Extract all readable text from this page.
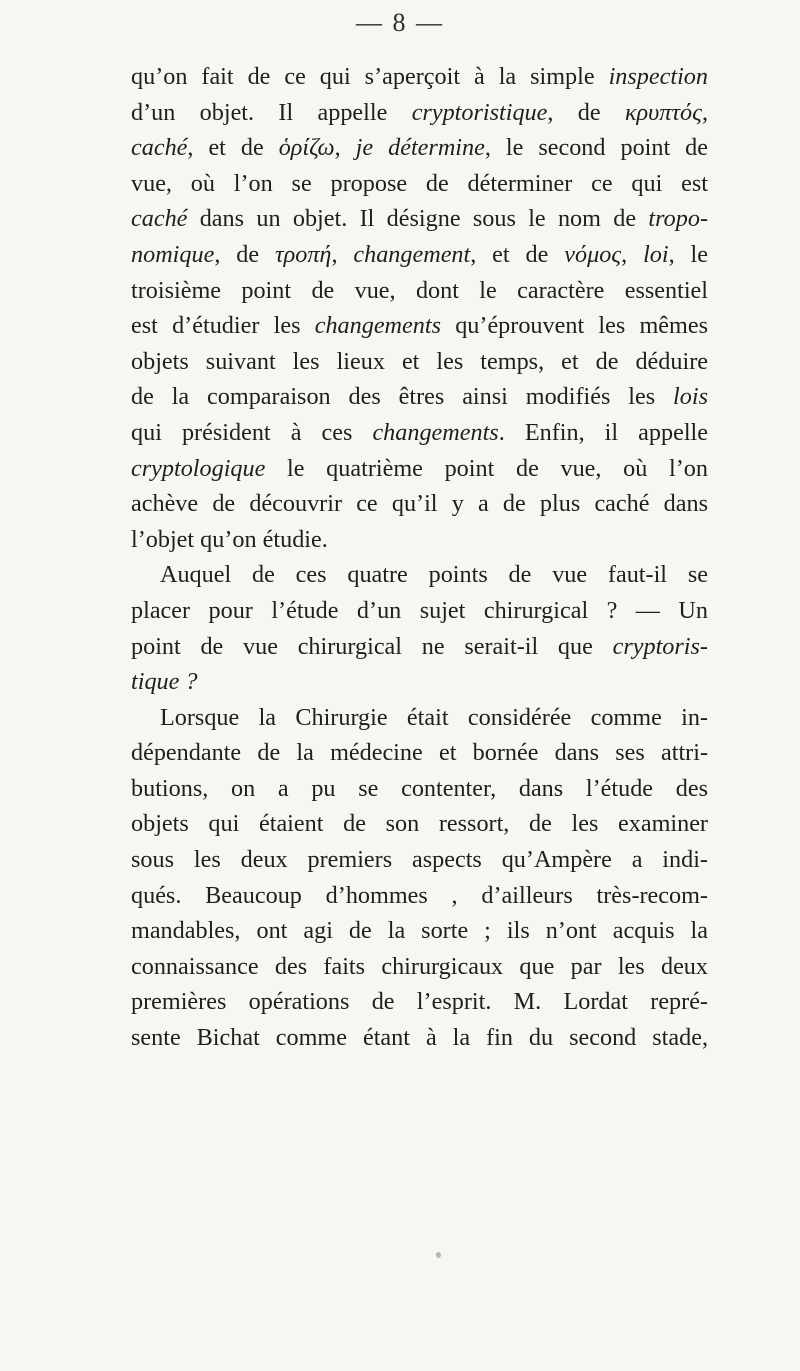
— 8 —
qu’on fait de ce qui s’aperçoit à la simple inspection
d’un objet. Il appelle cryptoristique, de κρυπτός,
caché, et de ὁρίζω, je détermine, le second point de
vue, où l’on se propose de déterminer ce qui est
caché dans un objet. Il désigne sous le nom de tropo-
nomique, de τροπή, changement, et de νόμος, loi, le
troisième point de vue, dont le caractère essentiel
est d’étudier les changements qu’éprouvent les mêmes
objets suivant les lieux et les temps, et de déduire
de la comparaison des êtres ainsi modifiés les lois
qui président à ces changements. Enfin, il appelle
cryptologique le quatrième point de vue, où l’on
achève de découvrir ce qu’il y a de plus caché dans
l’objet qu’on étudie.
Auquel de ces quatre points de vue faut-il se
placer pour l’étude d’un sujet chirurgical ? — Un
point de vue chirurgical ne serait-il que cryptoris-
tique ?
Lorsque la Chirurgie était considérée comme in-
dépendante de la médecine et bornée dans ses attri-
butions, on a pu se contenter, dans l’étude des
objets qui étaient de son ressort, de les examiner
sous les deux premiers aspects qu’Ampère a indi-
qués. Beaucoup d’hommes , d’ailleurs très-recom-
mandables, ont agi de la sorte ; ils n’ont acquis la
connaissance des faits chirurgicaux que par les deux
premières opérations de l’esprit. M. Lordat repré-
sente Bichat comme étant à la fin du second stade,
